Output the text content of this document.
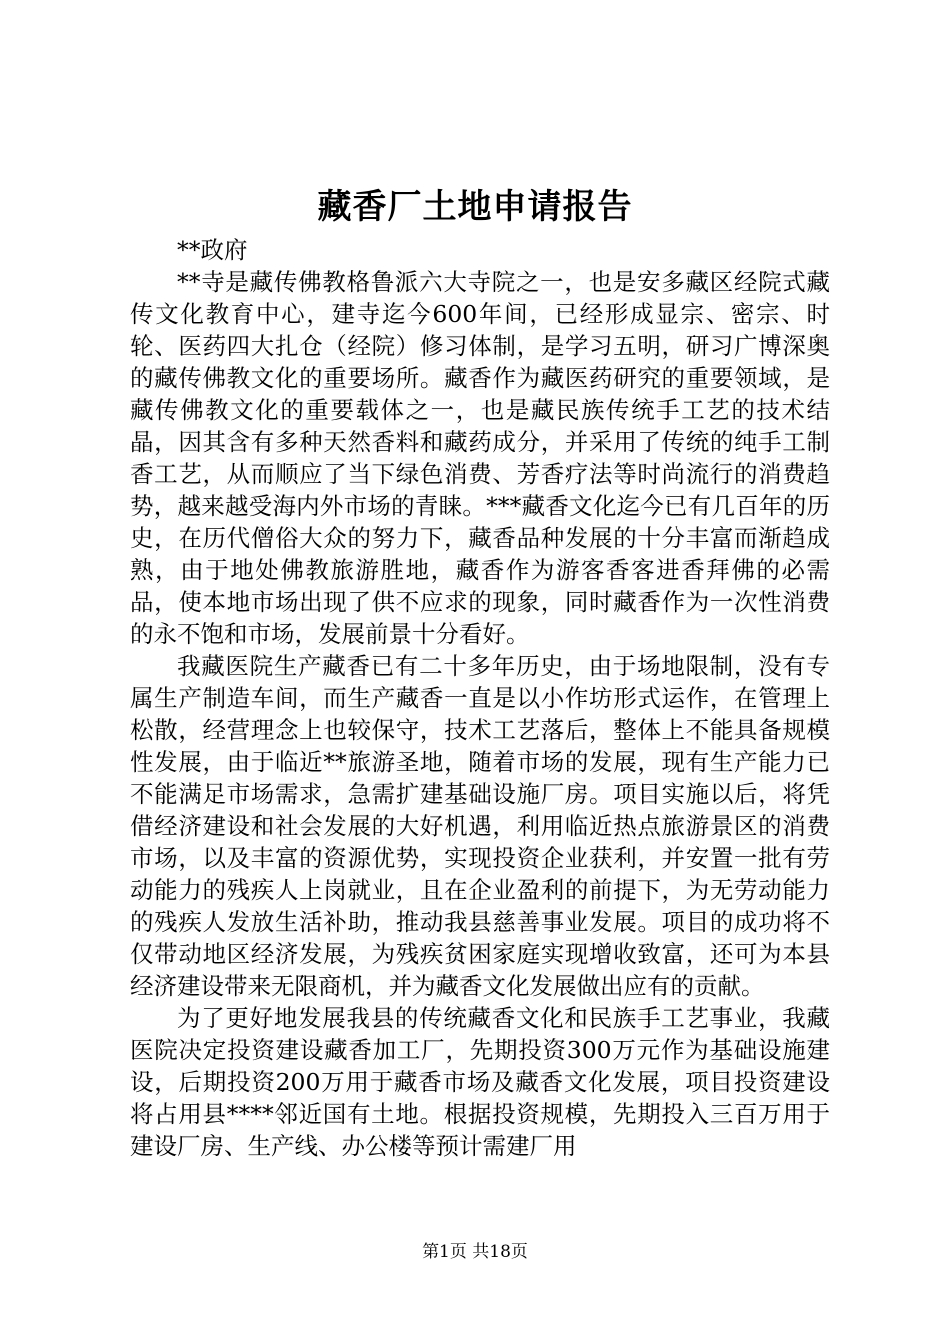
藏香厂土地申请报告

**政府

**寺是藏传佛教格鲁派六大寺院之一，也是安多藏区经院式藏传文化教育中心，建寺迄今600年间，已经形成显宗、密宗、时轮、医药四大扎仓（经院）修习体制，是学习五明，研习广博深奥的藏传佛教文化的重要场所。藏香作为藏医药研究的重要领域，是藏传佛教文化的重要载体之一，也是藏民族传统手工艺的技术结晶，因其含有多种天然香料和藏药成分，并采用了传统的纯手工制香工艺，从而顺应了当下绿色消费、芳香疗法等时尚流行的消费趋势，越来越受海内外市场的青睐。***藏香文化迄今已有几百年的历史，在历代僧俗大众的努力下，藏香品种发展的十分丰富而渐趋成熟，由于地处佛教旅游胜地，藏香作为游客香客进香拜佛的必需品，使本地市场出现了供不应求的现象，同时藏香作为一次性消费的永不饱和市场，发展前景十分看好。

我藏医院生产藏香已有二十多年历史，由于场地限制，没有专属生产制造车间，而生产藏香一直是以小作坊形式运作，在管理上松散，经营理念上也较保守，技术工艺落后，整体上不能具备规模性发展，由于临近**旅游圣地，随着市场的发展，现有生产能力已不能满足市场需求，急需扩建基础设施厂房。项目实施以后，将凭借经济建设和社会发展的大好机遇，利用临近热点旅游景区的消费市场，以及丰富的资源优势，实现投资企业获利，并安置一批有劳动能力的残疾人上岗就业，且在企业盈利的前提下，为无劳动能力的残疾人发放生活补助，推动我县慈善事业发展。项目的成功将不仅带动地区经济发展，为残疾贫困家庭实现增收致富，还可为本县经济建设带来无限商机，并为藏香文化发展做出应有的贡献。

为了更好地发展我县的传统藏香文化和民族手工艺事业，我藏医院决定投资建设藏香加工厂，先期投资300万元作为基础设施建设，后期投资200万用于藏香市场及藏香文化发展，项目投资建设将占用县****邻近国有土地。根据投资规模，先期投入三百万用于建设厂房、生产线、办公楼等预计需建厂用

第1页 共18页
